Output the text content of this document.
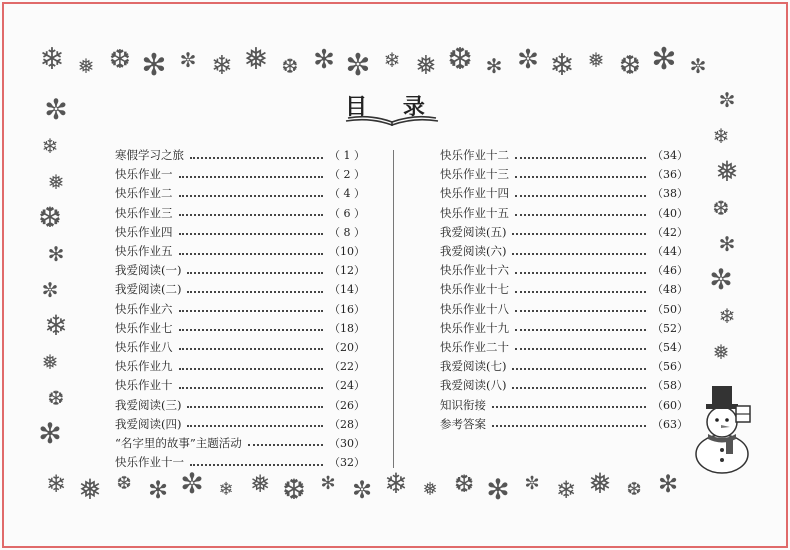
❄ ❅ ❆ ✻ ✼ ❄ ❅ ❆ ✻ ✼ ❄ ❅ ❆ ✻ ✼ ❄ ❅ ❆ ✻ ✼
❄ ❅ ❆ ✻ ✼ ❄ ❅ ❆ ✻ ✼ ❄ ❅ ❆ ✻ ✼ ❄ ❅ ❆ ✻
✼
❄
❅
❆
✻
✼
❄
❅
❆
✻
✼
❄
❅
❆
✻
✼
❄
❅
目 录
寒假学习之旅	（ 1 ）
快乐作业一	（ 2 ）
快乐作业二	（ 4 ）
快乐作业三	（ 6 ）
快乐作业四	（ 8 ）
快乐作业五	（10）
我爱阅读(一)	（12）
我爱阅读(二)	（14）
快乐作业六	（16）
快乐作业七	（18）
快乐作业八	（20）
快乐作业九	（22）
快乐作业十	（24）
我爱阅读(三)	（26）
我爱阅读(四)	（28）
“名字里的故事”主题活动	（30）
快乐作业十一	（32）
快乐作业十二	（34）
快乐作业十三	（36）
快乐作业十四	（38）
快乐作业十五	（40）
我爱阅读(五)	（42）
我爱阅读(六)	（44）
快乐作业十六	（46）
快乐作业十七	（48）
快乐作业十八	（50）
快乐作业十九	（52）
快乐作业二十	（54）
我爱阅读(七)	（56）
我爱阅读(八)	（58）
知识衔接	（60）
参考答案	（63）
